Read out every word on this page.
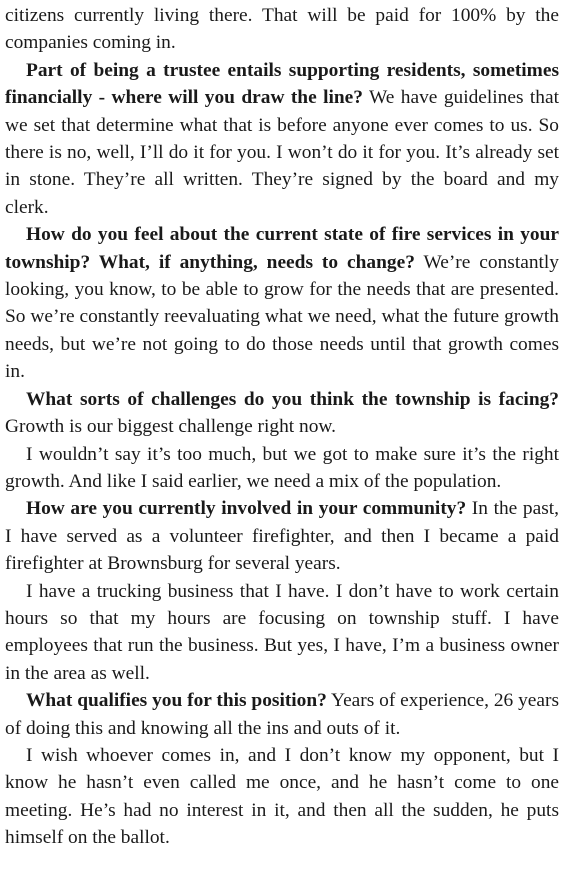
citizens currently living there. That will be paid for 100% by the companies coming in.

Part of being a trustee entails supporting residents, sometimes financially - where will you draw the line? We have guidelines that we set that determine what that is before anyone ever comes to us. So there is no, well, I’ll do it for you. I won’t do it for you. It’s already set in stone. They’re all written. They’re signed by the board and my clerk.

How do you feel about the current state of fire services in your township? What, if anything, needs to change? We’re constantly looking, you know, to be able to grow for the needs that are presented. So we’re constantly reevaluating what we need, what the future growth needs, but we’re not going to do those needs until that growth comes in.

What sorts of challenges do you think the township is facing? Growth is our biggest challenge right now.

I wouldn’t say it’s too much, but we got to make sure it’s the right growth. And like I said earlier, we need a mix of the population.

How are you currently involved in your community? In the past, I have served as a volunteer firefighter, and then I became a paid firefighter at Brownsburg for several years.

I have a trucking business that I have. I don’t have to work certain hours so that my hours are focusing on township stuff. I have employees that run the business. But yes, I have, I’m a business owner in the area as well.

What qualifies you for this position? Years of experience, 26 years of doing this and knowing all the ins and outs of it.

I wish whoever comes in, and I don’t know my opponent, but I know he hasn’t even called me once, and he hasn’t come to one meeting. He’s had no interest in it, and then all the sudden, he puts himself on the ballot.
